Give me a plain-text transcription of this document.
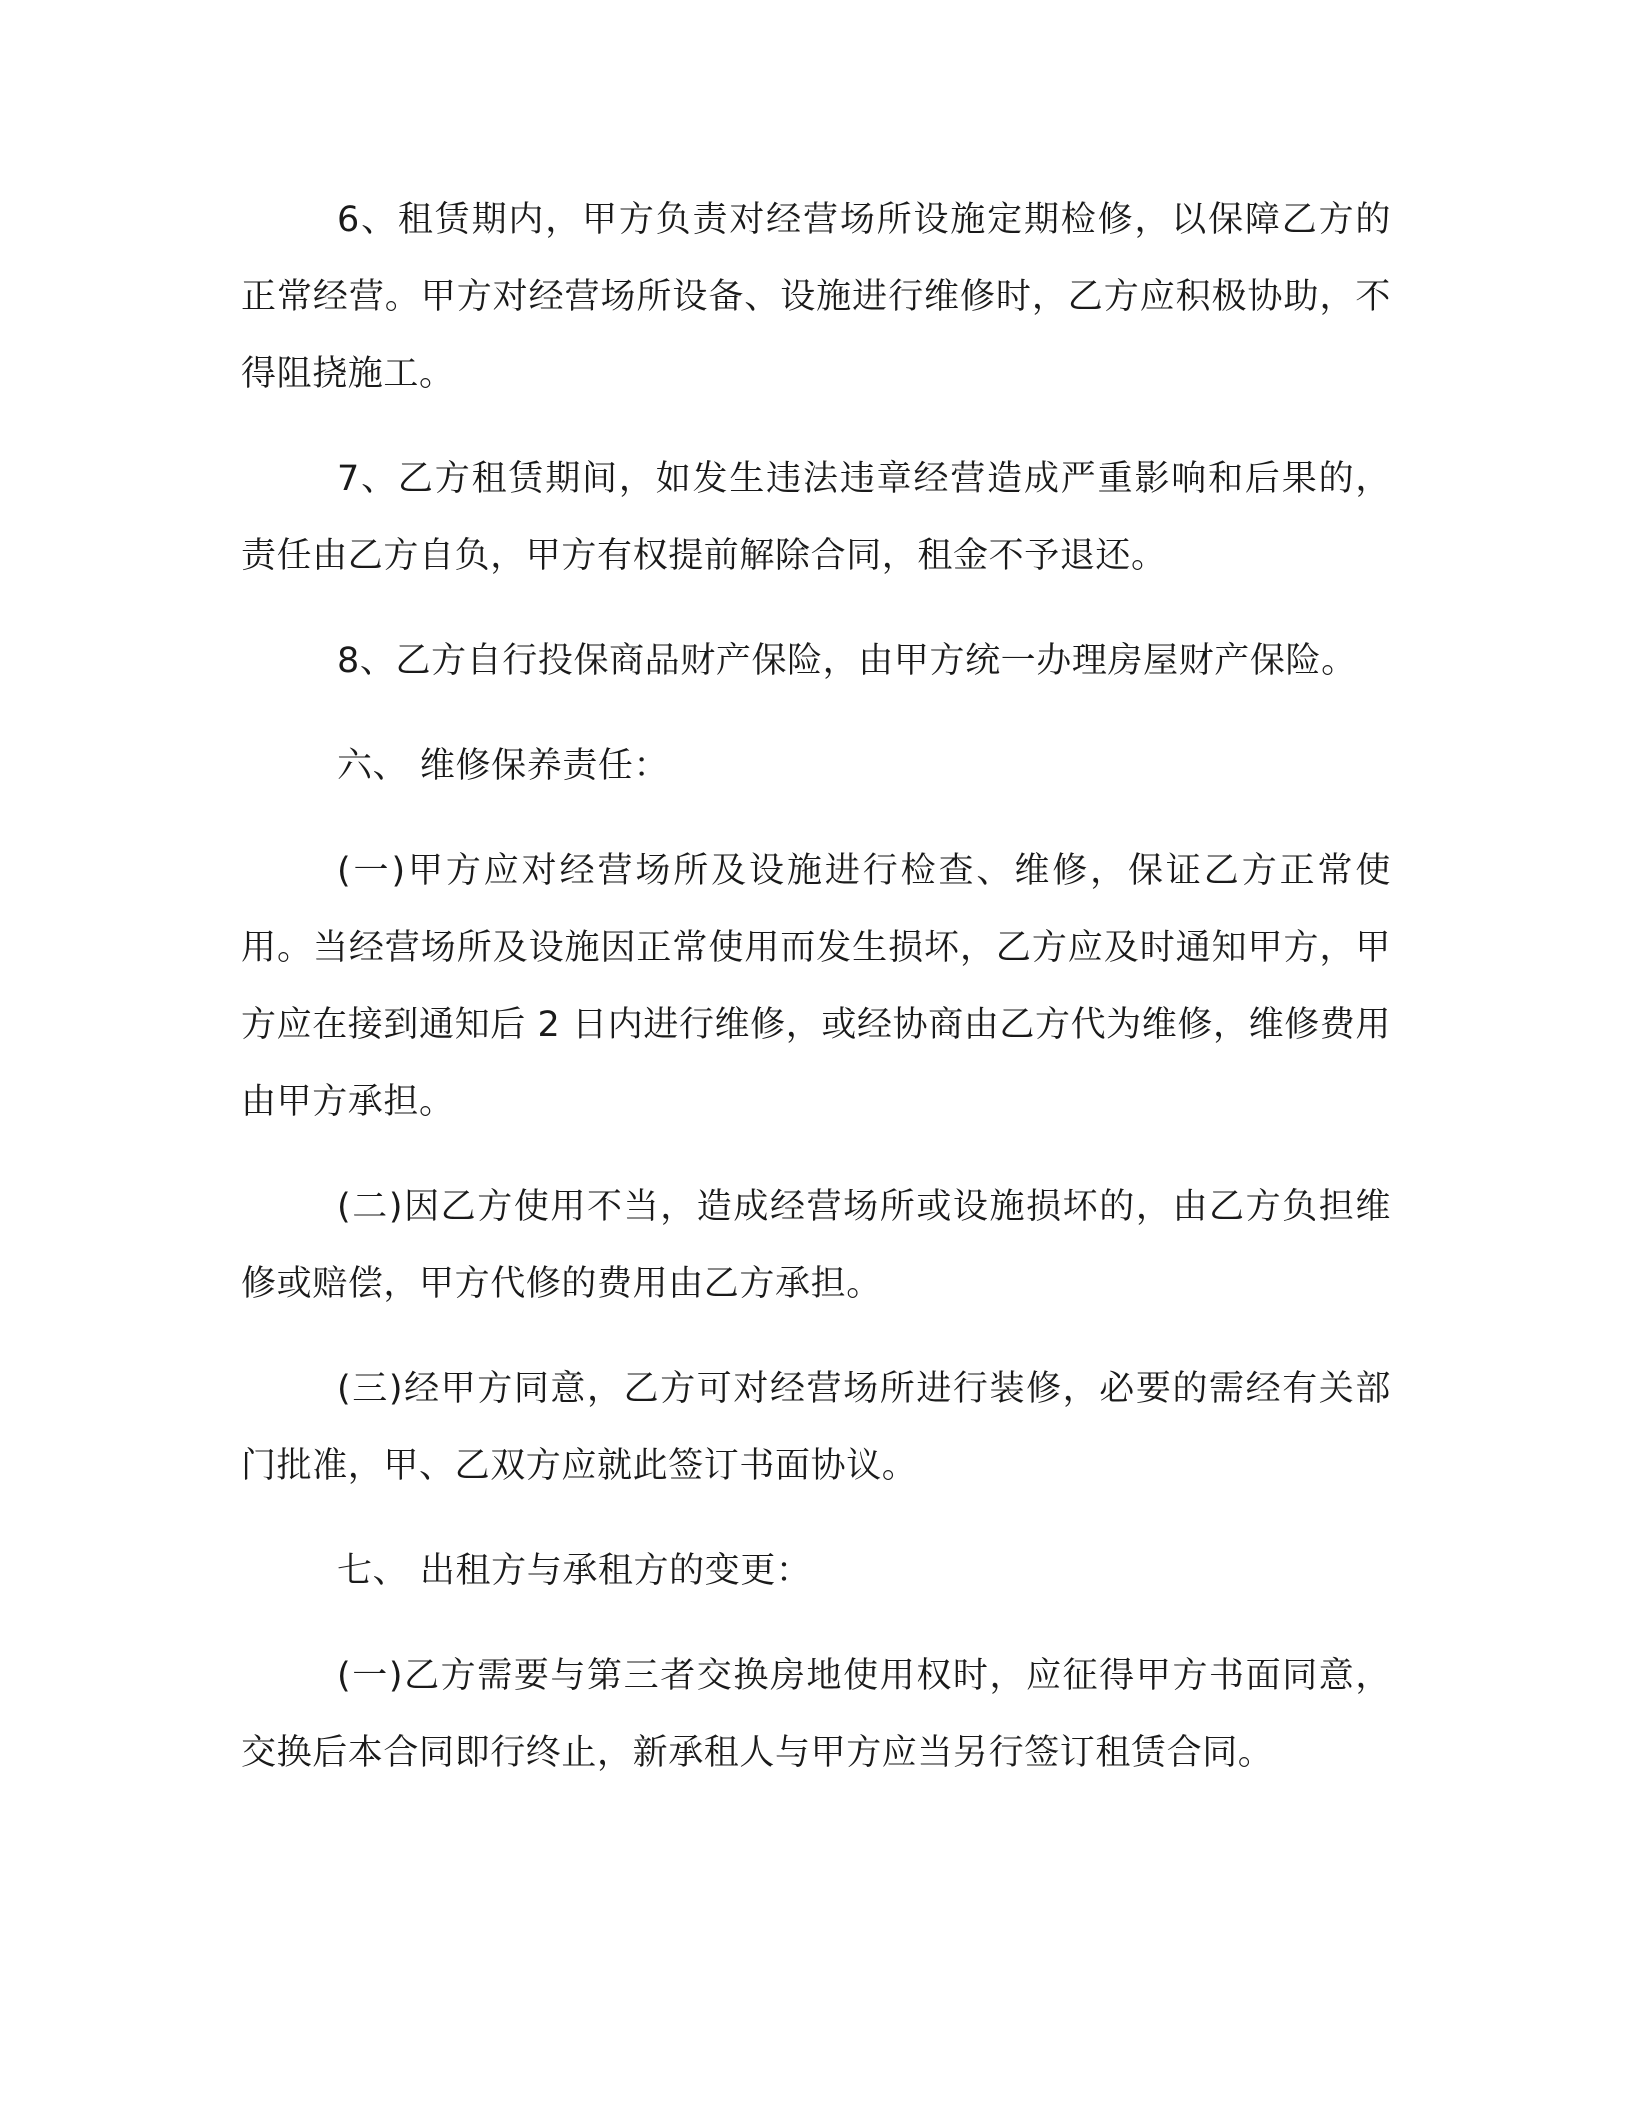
6、租赁期内，甲方负责对经营场所设施定期检修，以保障乙方的正常经营。甲方对经营场所设备、设施进行维修时，乙方应积极协助，不得阻挠施工。

7、乙方租赁期间，如发生违法违章经营造成严重影响和后果的，责任由乙方自负，甲方有权提前解除合同，租金不予退还。

8、乙方自行投保商品财产保险，由甲方统一办理房屋财产保险。

六、 维修保养责任：

(一)甲方应对经营场所及设施进行检查、维修，保证乙方正常使用。当经营场所及设施因正常使用而发生损坏，乙方应及时通知甲方，甲方应在接到通知后 2 日内进行维修，或经协商由乙方代为维修，维修费用由甲方承担。

(二)因乙方使用不当，造成经营场所或设施损坏的，由乙方负担维修或赔偿，甲方代修的费用由乙方承担。

(三)经甲方同意，乙方可对经营场所进行装修，必要的需经有关部门批准，甲、乙双方应就此签订书面协议。

七、 出租方与承租方的变更：

(一)乙方需要与第三者交换房地使用权时，应征得甲方书面同意，交换后本合同即行终止，新承租人与甲方应当另行签订租赁合同。
